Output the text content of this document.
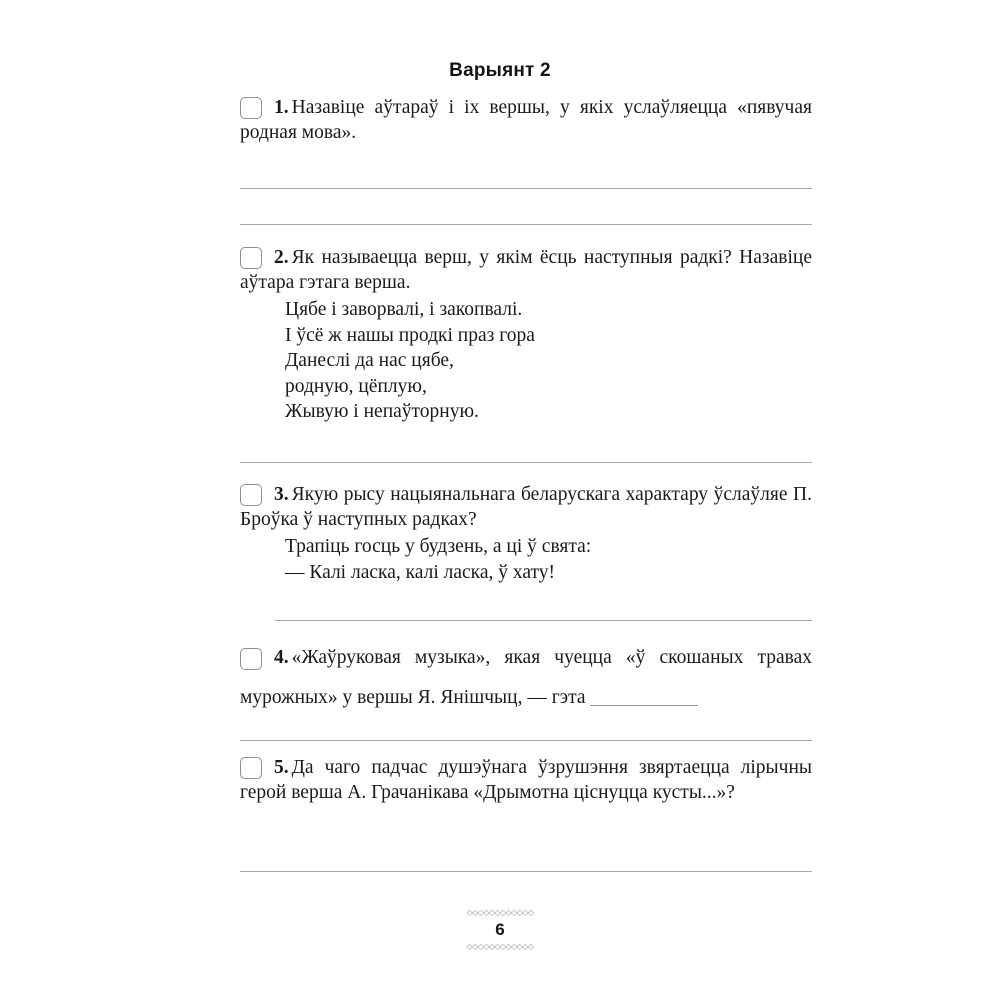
Варыянт 2
1. Назавіце аўтараў і іх вершы, у якіх услаўляецца «пявучая родная мова».
2. Як называецца верш, у якім ёсць наступныя радкі? Назавіце аўтара гэтага верша.
Цябе і заворвалі, і закопвалі.
І ўсё ж нашы продкі праз гора
Данеслі да нас цябе,
родную, цёплую,
Жывую і непаўторную.
3. Якую рысу нацыянальнага беларускага характару ўслаўляе П. Броўка ў наступных радках?
Трапіць госць у будзень, а ці ў свята:
— Калі ласка, калі ласка, ў хату!
4. «Жаўруковая музыка», якая чуецца «ў скошаных травах мурожных» у вершы Я. Янішчыц, — гэта
5. Да чаго падчас душэўнага ўзрушэння звяртаецца лірычны герой верша А. Грачанікава «Дрымотна ціснуцца кусты...»?
◇◇◇◇◇◇◇◇◇◇◇◇
6
◇◇◇◇◇◇◇◇◇◇◇◇
